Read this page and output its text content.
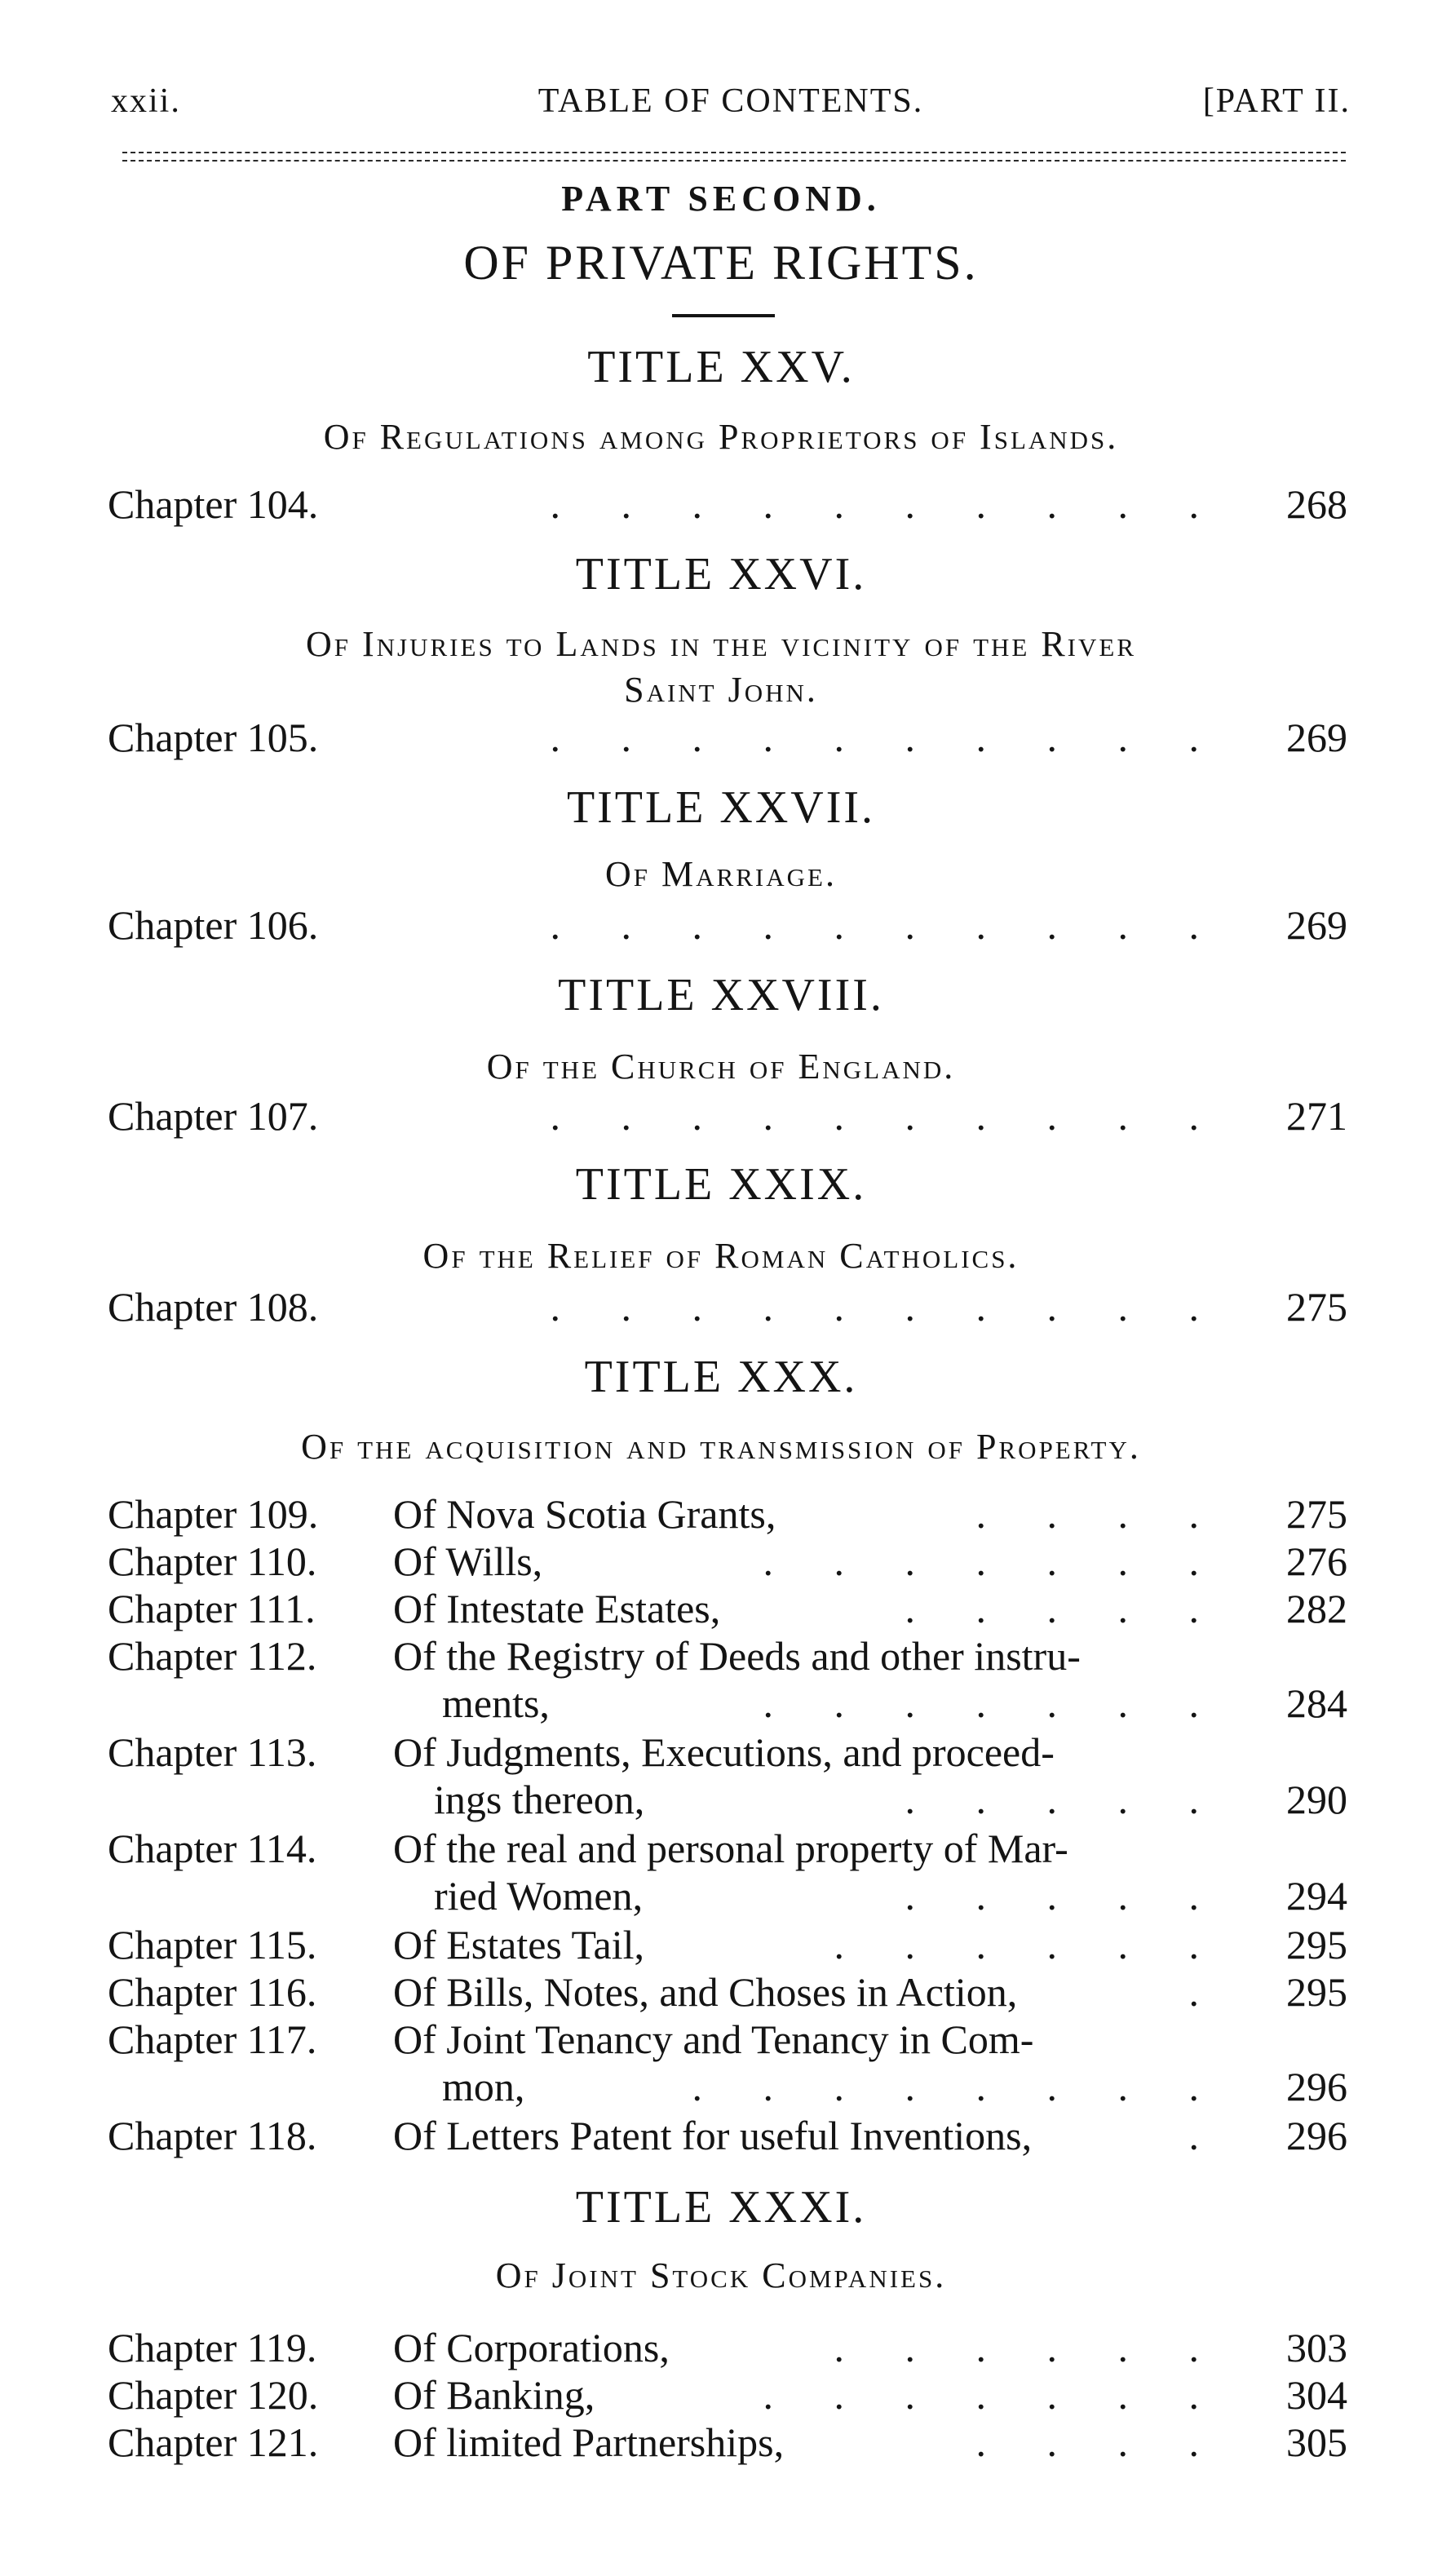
xxii.	TABLE OF CONTENTS.	[PART II.
PART SECOND.
OF PRIVATE RIGHTS.
TITLE XXV.
Of Regulations among Proprietors of Islands.
Chapter 104.	.     .     .     .     .     .     .     .     .     . 268
TITLE XXVI.
Of Injuries to Lands in the vicinity of the River
Saint John.
Chapter 105.	.     .     .     .     .     .     .     .     .     . 269
TITLE XXVII.
Of Marriage.
Chapter 106.	.     .     .     .     .     .     .     .     .     . 269
TITLE XXVIII.
Of the Church of England.
Chapter 107.	.     .     .     .     .     .     .     .     .     . 271
TITLE XXIX.
Of the Relief of Roman Catholics.
Chapter 108.	.     .     .     .     .     .     .     .     .     . 275
TITLE XXX.
Of the acquisition and transmission of Property.
Chapter 109. Of Nova Scotia Grants,	.     .     .     . 275
Chapter 110. Of Wills,	.     .     .     .     .     .     . 276
Chapter 111. Of Intestate Estates,	.     .     .     .     . 282
Chapter 112. Of the Registry of Deeds and other instru-
ments,	.     .     .     .     .     .     . 284
Chapter 113. Of Judgments, Executions, and proceed-
ings thereon,	.     .     .     .     . 290
Chapter 114. Of the real and personal property of Mar-
ried Women,	.     .     .     .     . 294
Chapter 115. Of Estates Tail,	.     .     .     .     .     . 295
Chapter 116. Of Bills, Notes, and Choses in Action,	. 295
Chapter 117. Of Joint Tenancy and Tenancy in Com-
mon,	.     .     .     .     .     .     .     . 296
Chapter 118. Of Letters Patent for useful Inventions,	. 296
TITLE XXXI.
Of Joint Stock Companies.
Chapter 119. Of Corporations,	.     .     .     .     .     . 303
Chapter 120. Of Banking,	.     .     .     .     .     .     . 304
Chapter 121. Of limited Partnerships,	.     .     .     . 305
